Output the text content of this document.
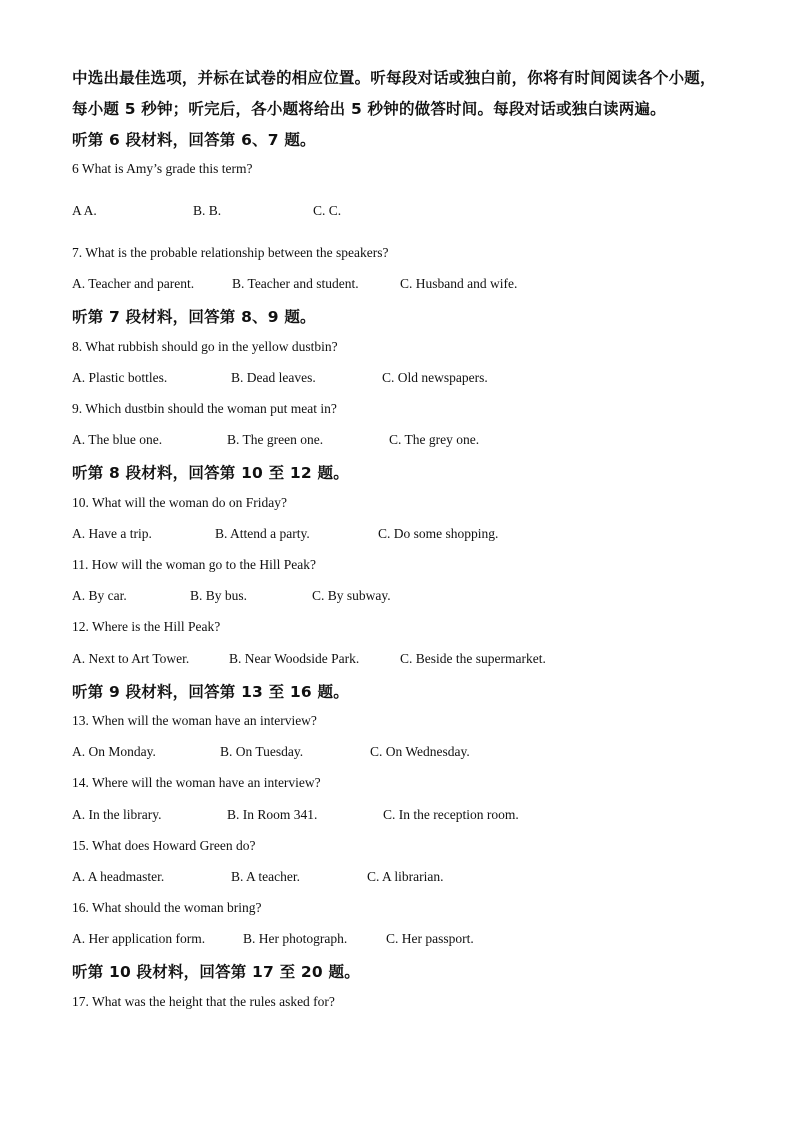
中选出最佳选项，并标在试卷的相应位置。听每段对话或独白前，你将有时间阅读各个小题，
每小题 5 秒钟；听完后，各小题将给出 5 秒钟的做答时间。每段对话或独白读两遍。
听第 6 段材料，回答第 6、7 题。
6 What is Amy’s grade this term?
A A.	B. B.	C. C.
7. What is the probable relationship between the speakers?
A. Teacher and parent.	B. Teacher and student.	C. Husband and wife.
听第 7 段材料，回答第 8、9 题。
8. What rubbish should go in the yellow dustbin?
A. Plastic bottles.	B. Dead leaves.	C. Old newspapers.
9. Which dustbin should the woman put meat in?
A. The blue one.	B. The green one.	C. The grey one.
听第 8 段材料，回答第 10 至 12 题。
10. What will the woman do on Friday?
A. Have a trip.	B. Attend a party.	C. Do some shopping.
11. How will the woman go to the Hill Peak?
A. By car.	B. By bus.	C. By subway.
12. Where is the Hill Peak?
A. Next to Art Tower.	B. Near Woodside Park.	C. Beside the supermarket.
听第 9 段材料，回答第 13 至 16 题。
13. When will the woman have an interview?
A. On Monday.	B. On Tuesday.	C. On Wednesday.
14. Where will the woman have an interview?
A. In the library.	B. In Room 341.	C. In the reception room.
15. What does Howard Green do?
A. A headmaster.	B. A teacher.	C. A librarian.
16. What should the woman bring?
A. Her application form.	B. Her photograph.	C. Her passport.
听第 10 段材料，回答第 17 至 20 题。
17. What was the height that the rules asked for?
